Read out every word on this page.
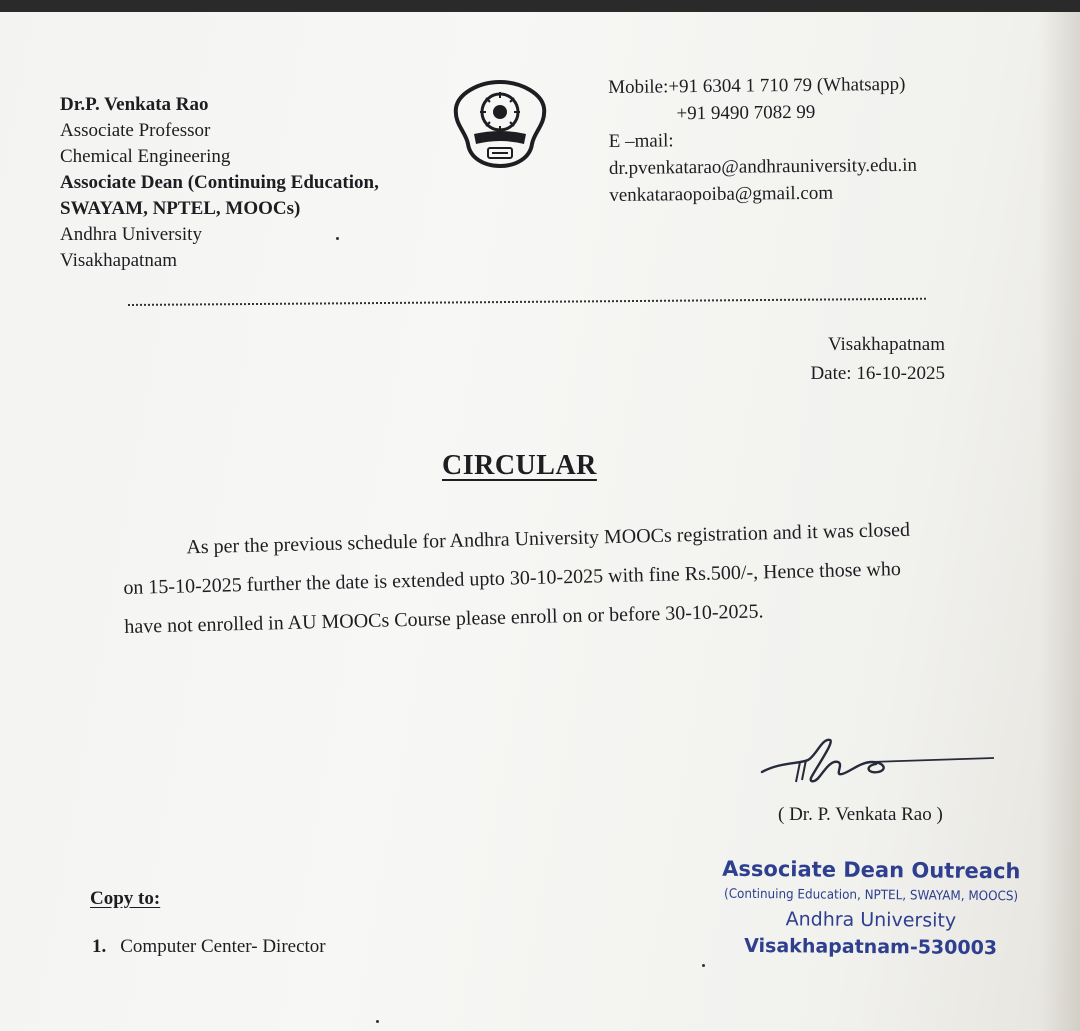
Dr.P. Venkata Rao
Associate Professor
Chemical Engineering
Associate Dean (Continuing Education,
SWAYAM, NPTEL, MOOCs)
Andhra University
Visakhapatnam
Mobile:+91 6304 1 710 79 (Whatsapp)
+91 9490 7082 99
E –mail:
dr.pvenkatarao@andhrauniversity.edu.in
venkataraopoiba@gmail.com
Visakhapatnam
Date: 16-10-2025
CIRCULAR
As per the previous schedule for Andhra University MOOCs registration and it was closed
on 15-10-2025 further the date is extended upto 30-10-2025 with fine Rs.500/-, Hence those who
have not enrolled in AU MOOCs Course please enroll on or before 30-10-2025.
( Dr. P. Venkata Rao )
Associate Dean Outreach
(Continuing Education, NPTEL, SWAYAM, MOOCS)
Andhra University
Visakhapatnam-530003
Copy to:
1. Computer Center- Director
